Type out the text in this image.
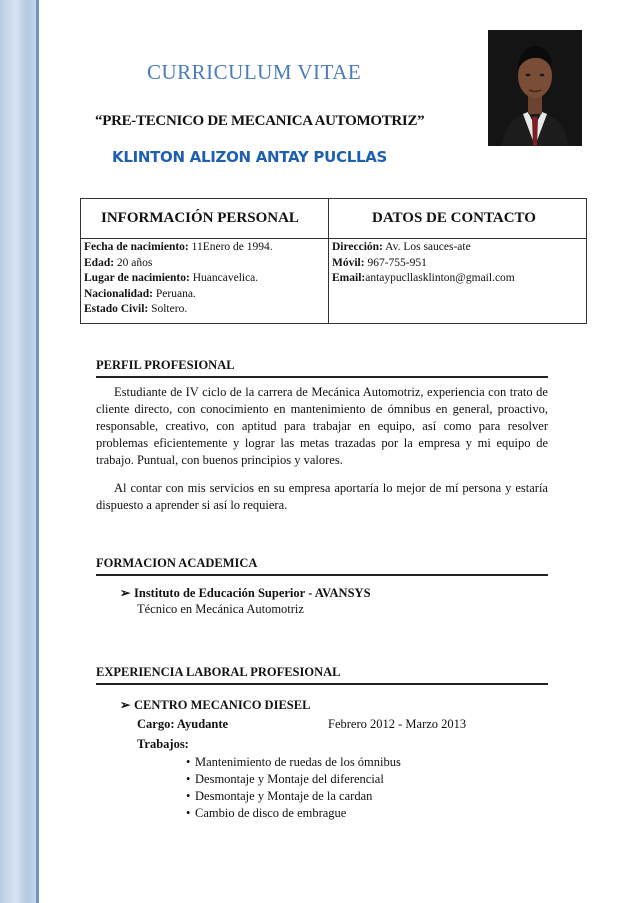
CURRICULUM VITAE
“PRE-TECNICO DE MECANICA AUTOMOTRIZ”
KLINTON ALIZON ANTAY PUCLLAS
INFORMACIÓN PERSONAL	DATOS DE CONTACTO
Fecha de nacimiento: 11Enero de 1994.
Edad: 20 años
Lugar de nacimiento: Huancavelica.
Nacionalidad: Peruana.
Estado Civil: Soltero.
Dirección: Av. Los sauces-ate
Móvil: 967-755-951
Email:antaypucllasklinton@gmail.com
PERFIL PROFESIONAL
Estudiante de IV ciclo de la carrera de Mecánica Automotriz, experiencia con trato de cliente directo, con conocimiento en mantenimiento de ómnibus en general, proactivo, responsable, creativo, con aptitud para trabajar en equipo, así como para resolver problemas eficientemente y lograr las metas trazadas por la empresa y mi equipo de trabajo. Puntual, con buenos principios y valores.
Al contar con mis servicios en su empresa aportaría lo mejor de mí persona y estaría dispuesto a aprender si así lo requiera.
FORMACION ACADEMICA
➢ Instituto de Educación Superior - AVANSYS
Técnico en Mecánica Automotriz
EXPERIENCIA LABORAL PROFESIONAL
➢ CENTRO MECANICO DIESEL
Cargo: Ayudante	Febrero 2012 - Marzo 2013
Trabajos:
• Mantenimiento de ruedas de los ómnibus
• Desmontaje y Montaje del diferencial
• Desmontaje y Montaje de la cardan
• Cambio de disco de embrague
